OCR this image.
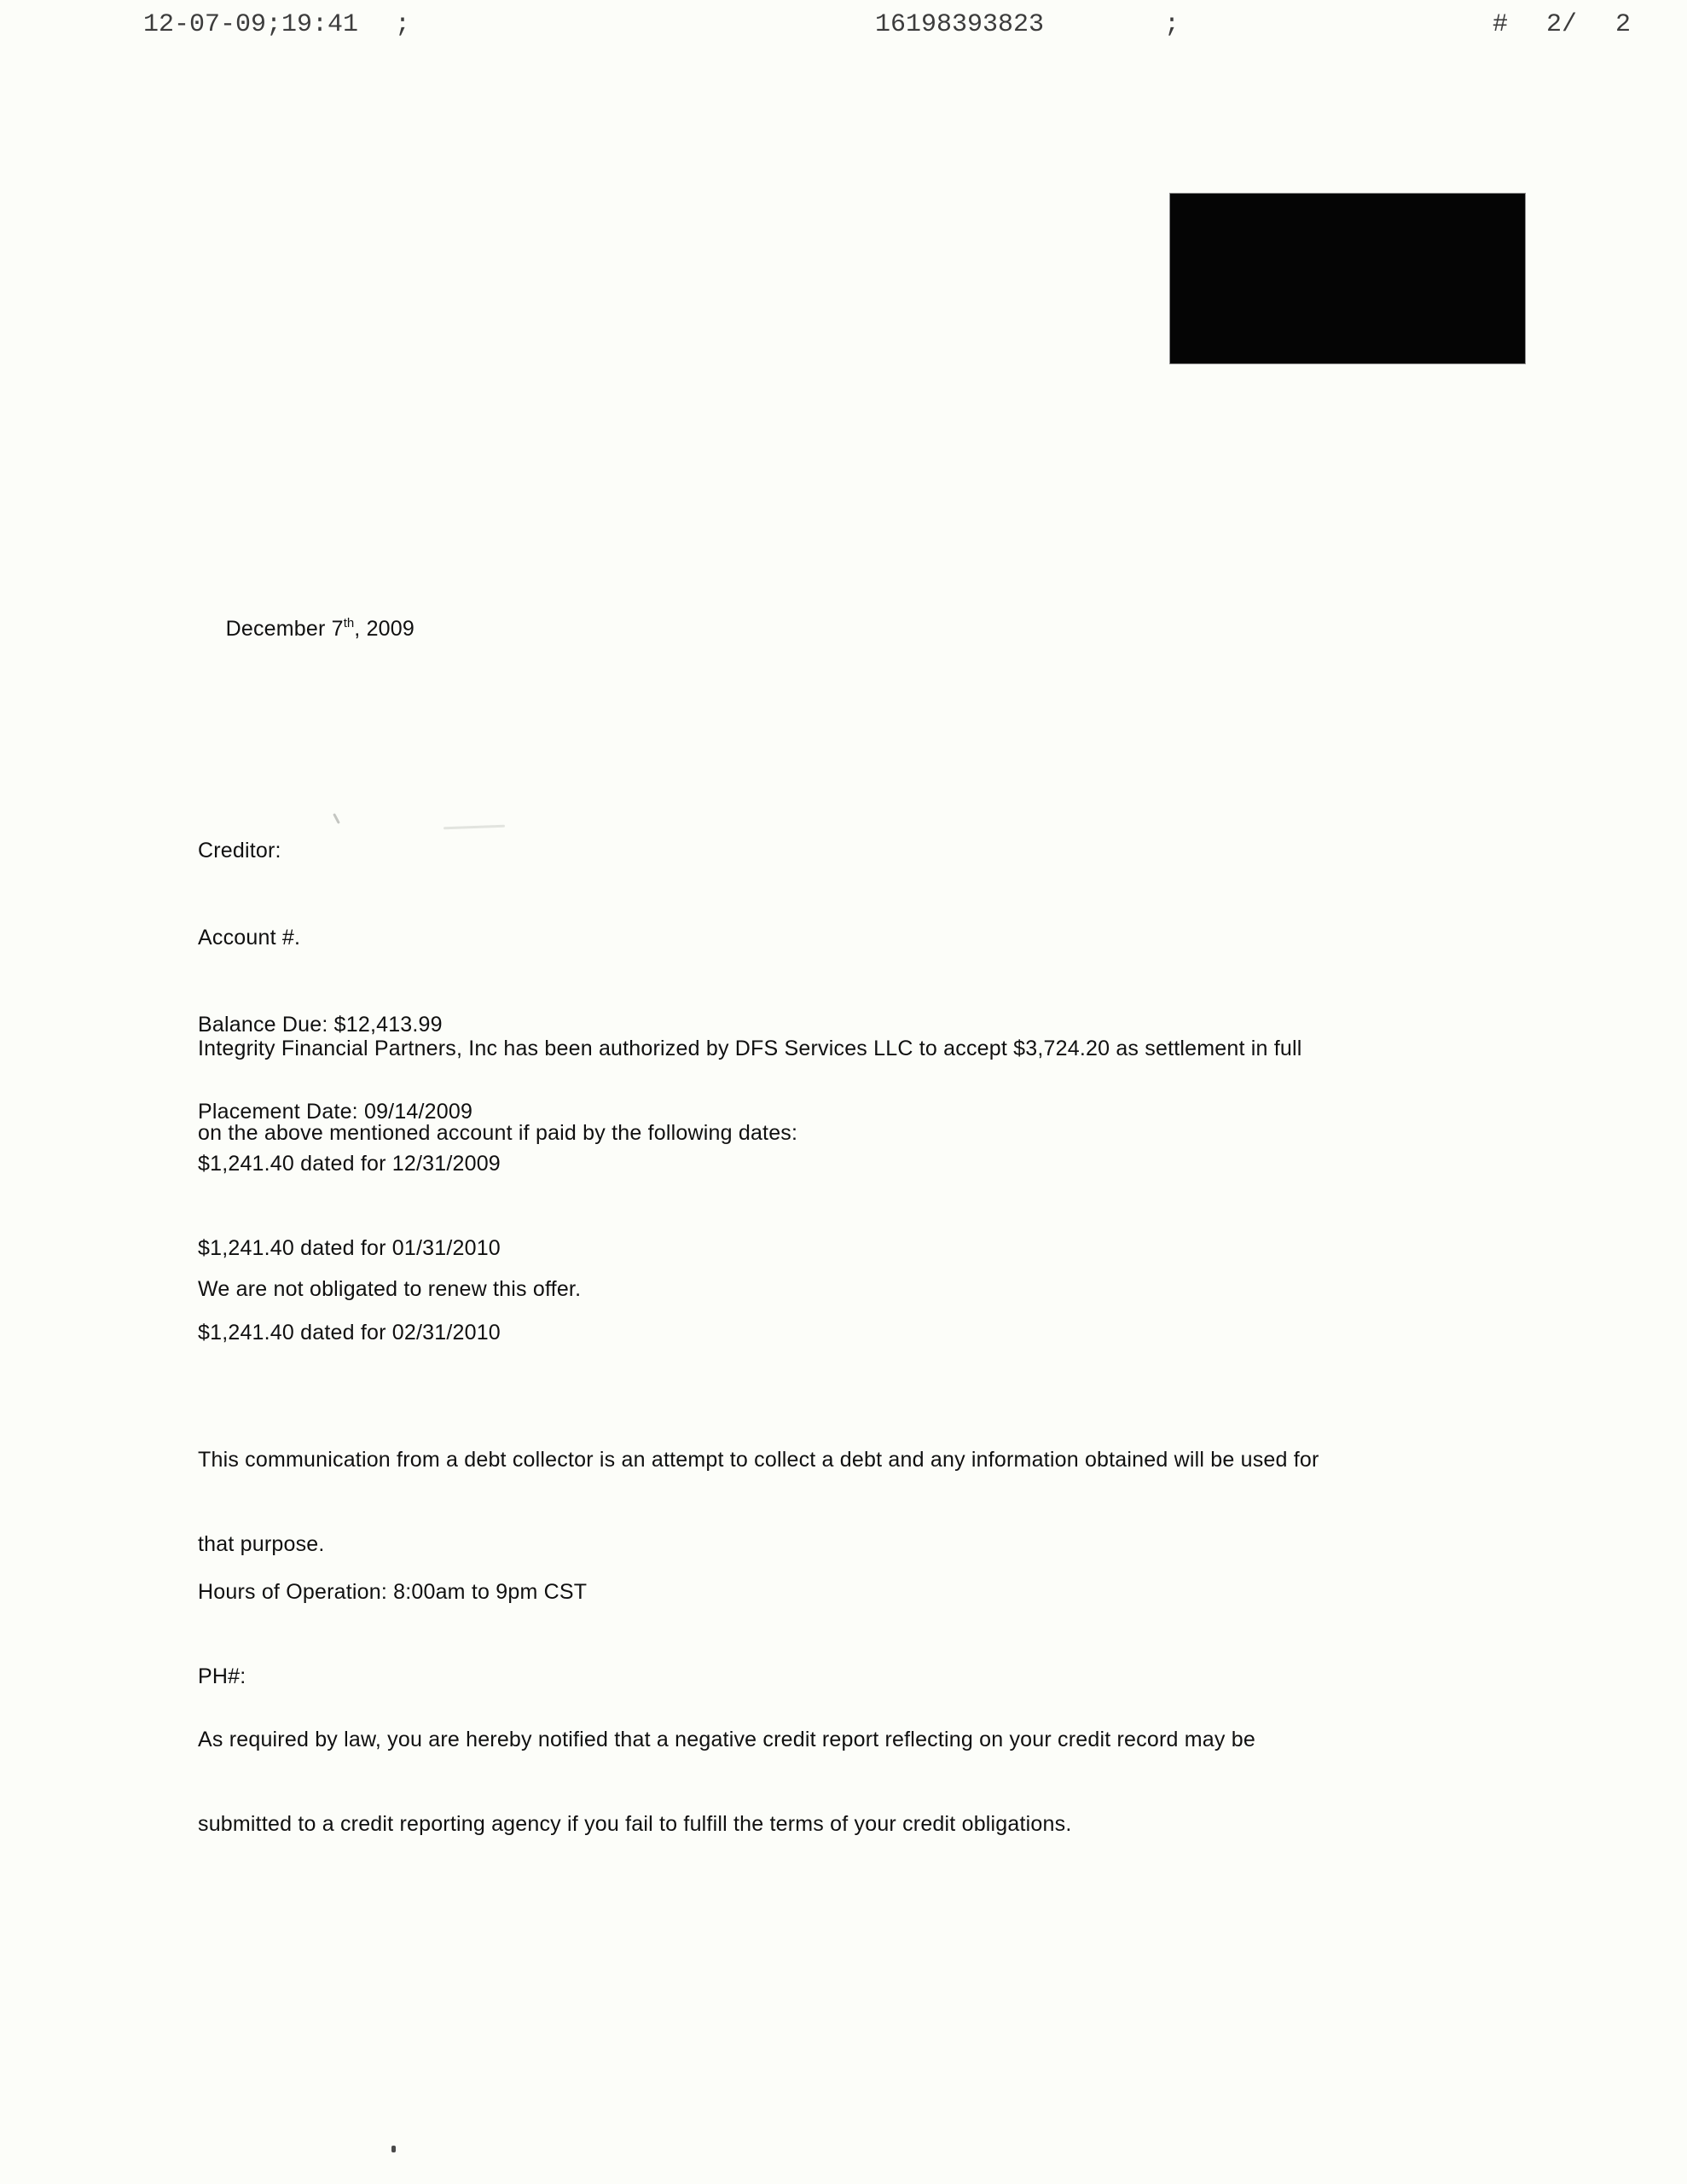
12-07-09;19:41 ;	16198393823	;	# 2/ 2

December 7th, 2009

Creditor:

Account #.

Balance Due: $12,413.99

Placement Date: 09/14/2009

Integrity Financial Partners, Inc has been authorized by DFS Services LLC to accept $3,724.20 as settlement in full

on the above mentioned account if paid by the following dates:

$1,241.40 dated for 12/31/2009

$1,241.40 dated for 01/31/2010

$1,241.40 dated for 02/31/2010

We are not obligated to renew this offer.

This communication from a debt collector is an attempt to collect a debt and any information obtained will be used for

that purpose.

Hours of Operation: 8:00am to 9pm CST

PH#:

As required by law, you are hereby notified that a negative credit report reflecting on your credit record may be

submitted to a credit reporting agency if you fail to fulfill the terms of your credit obligations.
